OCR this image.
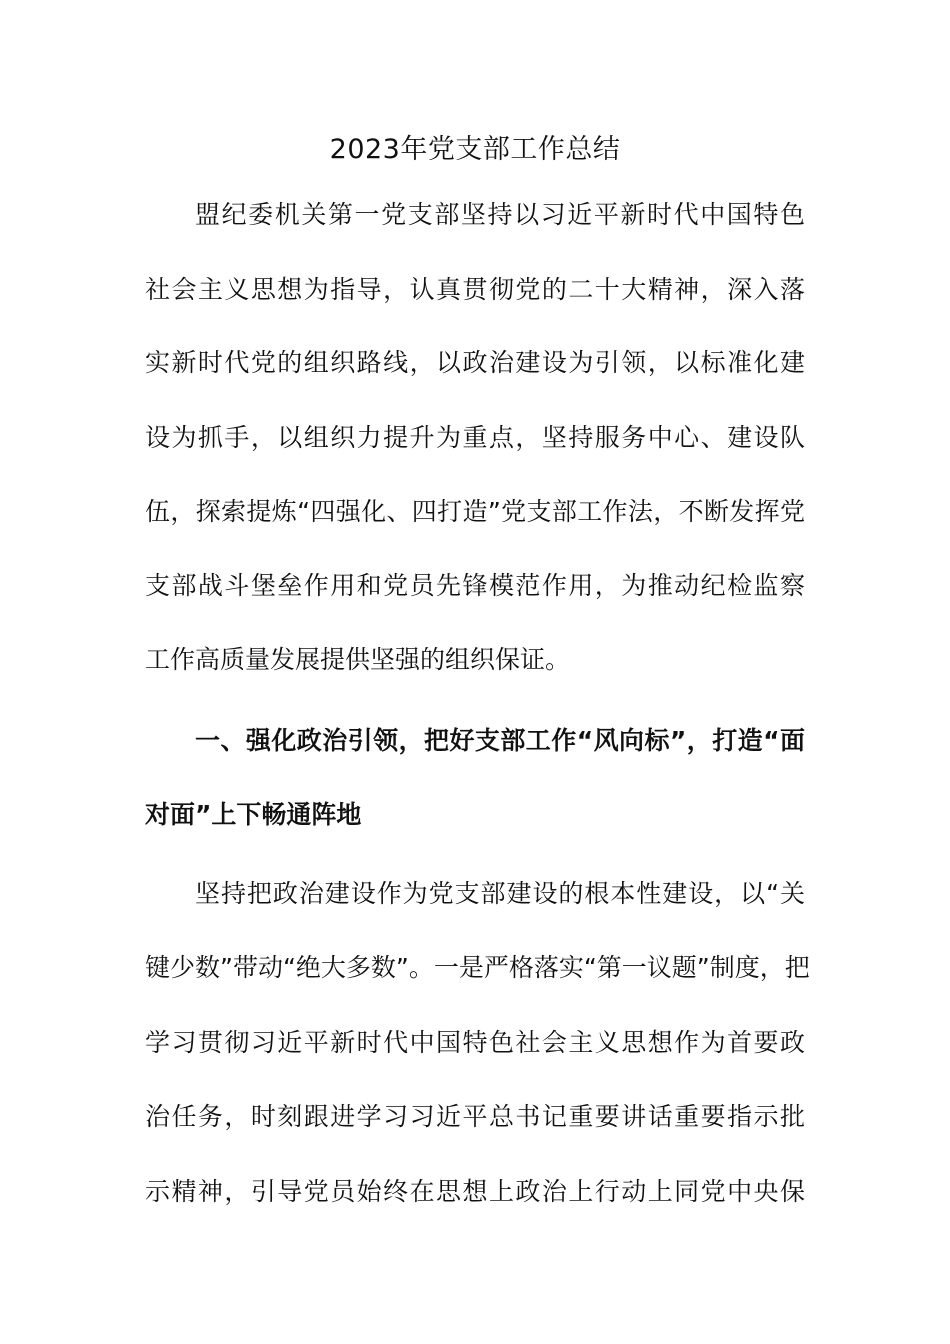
2023年党支部工作总结
盟纪委机关第一党支部坚持以习近平新时代中国特色
社会主义思想为指导，认真贯彻党的二十大精神，深入落
实新时代党的组织路线，以政治建设为引领，以标准化建
设为抓手，以组织力提升为重点，坚持服务中心、建设队
伍，探索提炼“四强化、四打造”党支部工作法，不断发挥党
支部战斗堡垒作用和党员先锋模范作用，为推动纪检监察
工作高质量发展提供坚强的组织保证。
一、强化政治引领，把好支部工作“风向标”，打造“面
对面”上下畅通阵地
坚持把政治建设作为党支部建设的根本性建设，以“关
键少数”带动“绝大多数”。一是严格落实“第一议题”制度，把
学习贯彻习近平新时代中国特色社会主义思想作为首要政
治任务，时刻跟进学习习近平总书记重要讲话重要指示批
示精神，引导党员始终在思想上政治上行动上同党中央保
